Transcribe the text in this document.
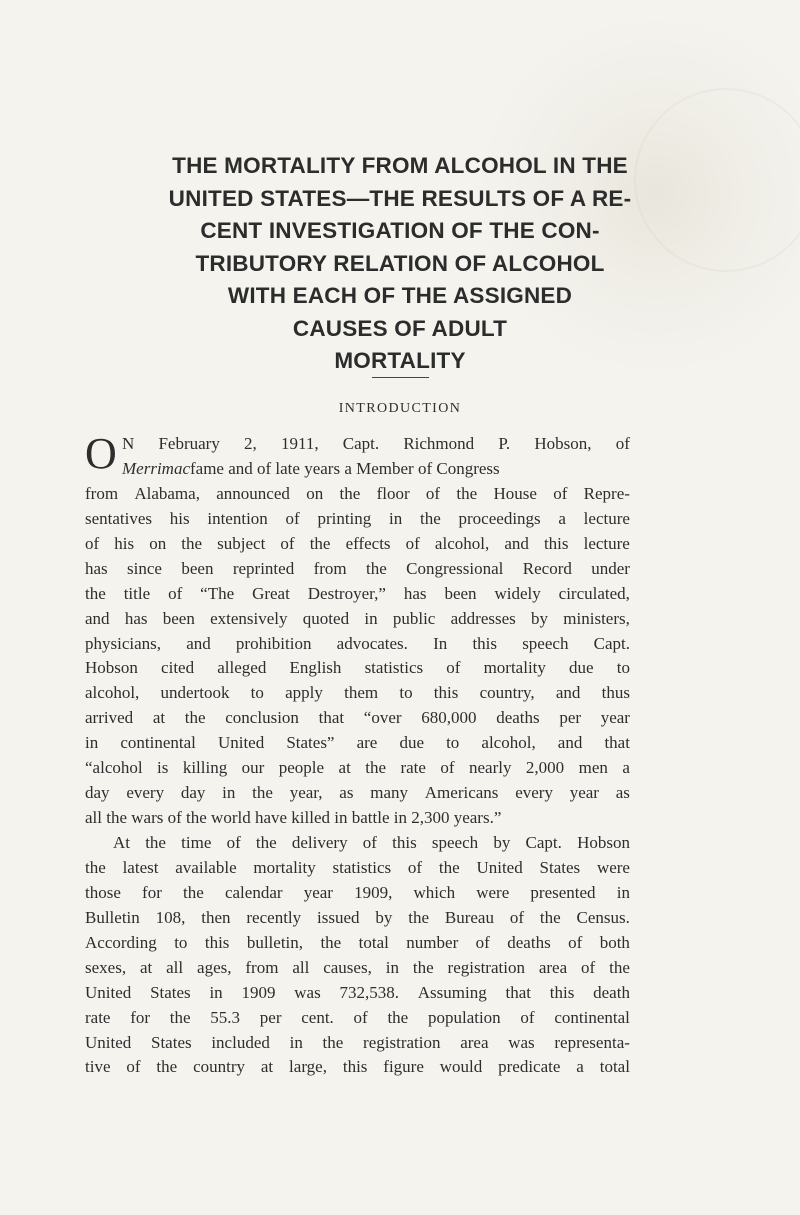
THE MORTALITY FROM ALCOHOL IN THE
UNITED STATES—THE RESULTS OF A RE-
CENT INVESTIGATION OF THE CON-
TRIBUTORY RELATION OF ALCOHOL
WITH EACH OF THE ASSIGNED
CAUSES OF ADULT
MORTALITY
INTRODUCTION
O N February 2, 1911, Capt. Richmond P. Hobson, of
Merrimac fame and of late years a Member of Congress
from Alabama, announced on the floor of the House of Repre-
sentatives his intention of printing in the proceedings a lecture
of his on the subject of the effects of alcohol, and this lecture
has since been reprinted from the Congressional Record under
the title of “The Great Destroyer,” has been widely circulated,
and has been extensively quoted in public addresses by ministers,
physicians, and prohibition advocates. In this speech Capt.
Hobson cited alleged English statistics of mortality due to
alcohol, undertook to apply them to this country, and thus
arrived at the conclusion that “over 680,000 deaths per year
in continental United States” are due to alcohol, and that
“alcohol is killing our people at the rate of nearly 2,000 men a
day every day in the year, as many Americans every year as
all the wars of the world have killed in battle in 2,300 years.”
At the time of the delivery of this speech by Capt. Hobson
the latest available mortality statistics of the United States were
those for the calendar year 1909, which were presented in
Bulletin 108, then recently issued by the Bureau of the Census.
According to this bulletin, the total number of deaths of both
sexes, at all ages, from all causes, in the registration area of the
United States in 1909 was 732,538. Assuming that this death
rate for the 55.3 per cent. of the population of continental
United States included in the registration area was representa-
tive of the country at large, this figure would predicate a total
